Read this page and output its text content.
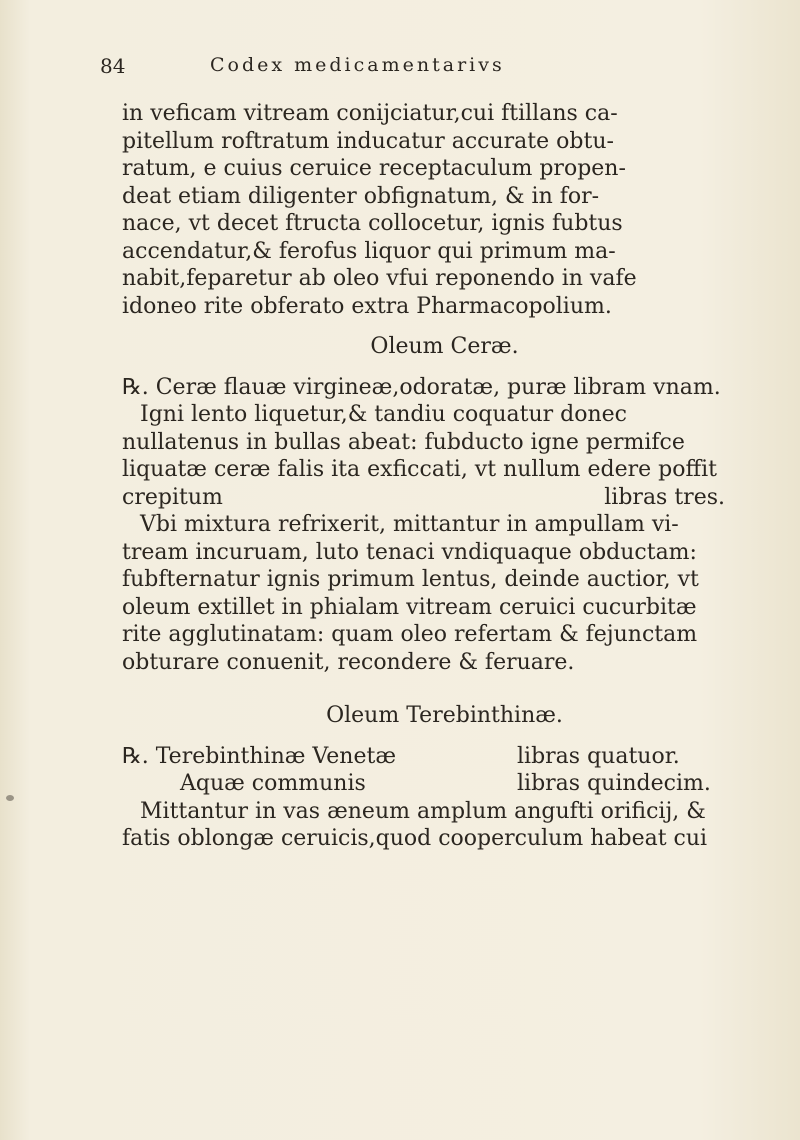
84	Codex medicamentarivs
in veficam vitream conijciatur,cui ftillans ca-
pitellum roftratum inducatur accurate obtu-
ratum, e cuius ceruice receptaculum propen-
deat etiam diligenter obfignatum, & in for-
nace, vt decet ftructa collocetur, ignis fubtus
accendatur,& ferofus liquor qui primum ma-
nabit,feparetur ab oleo vfui reponendo in vafe
idoneo rite obferato extra Pharmacopolium.
Oleum Ceræ.
℞. Ceræ flauæ virgineæ,odoratæ, puræ libram vnam.
Igni lento liquetur,& tandiu coquatur donec
nullatenus in bullas abeat: fubducto igne permifce
liquatæ ceræ falis ita exficcati, vt nullum edere poffit
crepitum	libras tres.
Vbi mixtura refrixerit, mittantur in ampullam vi-
tream incuruam, luto tenaci vndiquaque obductam:
fubfternatur ignis primum lentus, deinde auctior, vt
oleum extillet in phialam vitream ceruici cucurbitæ
rite agglutinatam: quam oleo refertam & fejunctam
obturare conuenit, recondere & feruare.
Oleum Terebinthinæ.
℞. Terebinthinæ Venetæ	libras quatuor.
Aquæ communis	libras quindecim.
Mittantur in vas æneum amplum angufti orificij, &
fatis oblongæ ceruicis,quod cooperculum habeat cui
